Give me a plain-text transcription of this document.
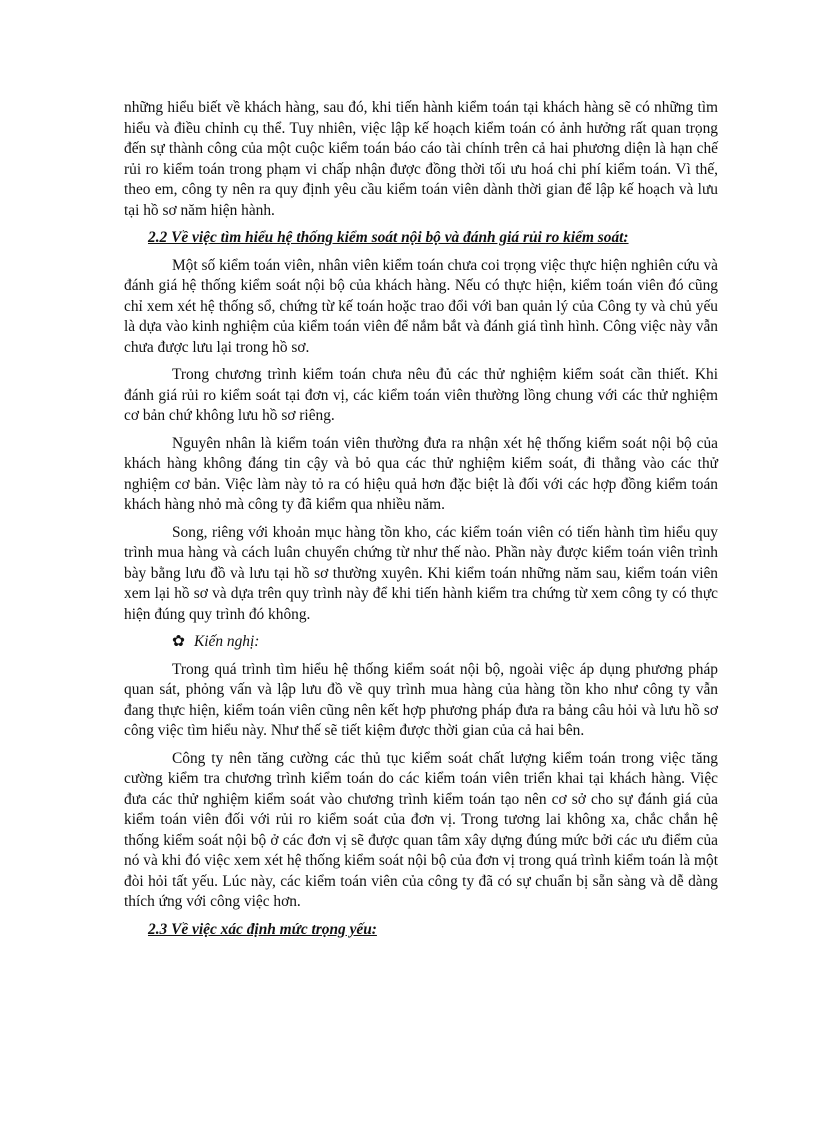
những hiểu biết về khách hàng, sau đó, khi tiến hành kiểm toán tại khách hàng sẽ có những tìm hiểu và điều chỉnh cụ thể. Tuy nhiên, việc lập kế hoạch kiểm toán có ảnh hưởng rất quan trọng đến sự thành công của một cuộc kiểm toán báo cáo tài chính trên cả hai phương diện là hạn chế rủi ro kiểm toán trong phạm vi chấp nhận được đồng thời tối ưu hoá chi phí kiểm toán. Vì thế, theo em, công ty nên ra quy định yêu cầu kiểm toán viên dành thời gian để lập kế hoạch và lưu tại hồ sơ năm hiện hành.

2.2 Về việc tìm hiểu hệ thống kiểm soát nội bộ và đánh giá rủi ro kiểm soát:

Một số kiểm toán viên, nhân viên kiểm toán chưa coi trọng việc thực hiện nghiên cứu và đánh giá hệ thống kiểm soát nội bộ của khách hàng. Nếu có thực hiện, kiểm toán viên đó cũng chỉ xem xét hệ thống sổ, chứng từ kế toán hoặc trao đổi với ban quản lý của Công ty và chủ yếu là dựa vào kinh nghiệm của kiểm toán viên để nắm bắt và đánh giá tình hình. Công việc này vẫn chưa được lưu lại trong hồ sơ.

Trong chương trình kiểm toán chưa nêu đủ các thử nghiệm kiểm soát cần thiết. Khi đánh giá rủi ro kiểm soát tại đơn vị, các kiểm toán viên thường lồng chung với các thử nghiệm cơ bản chứ không lưu hồ sơ riêng.

Nguyên nhân là kiểm toán viên thường đưa ra nhận xét hệ thống kiểm soát nội bộ của khách hàng không đáng tin cậy và bỏ qua các thử nghiệm kiểm soát, đi thẳng vào các thử nghiệm cơ bản. Việc làm này tỏ ra có hiệu quả hơn đặc biệt là đối với các hợp đồng kiểm toán khách hàng nhỏ mà công ty đã kiểm qua nhiều năm.

Song, riêng với khoản mục hàng tồn kho, các kiểm toán viên có tiến hành tìm hiểu quy trình mua hàng và cách luân chuyển chứng từ như thế nào. Phần này được kiểm toán viên trình bày bằng lưu đồ và lưu tại hồ sơ thường xuyên. Khi kiểm toán những năm sau, kiểm toán viên xem lại hồ sơ và dựa trên quy trình này để khi tiến hành kiểm tra chứng từ xem công ty có thực hiện đúng quy trình đó không.

✿ Kiến nghị:

Trong quá trình tìm hiểu hệ thống kiểm soát nội bộ, ngoài việc áp dụng phương pháp quan sát, phỏng vấn và lập lưu đồ về quy trình mua hàng của hàng tồn kho như công ty vẫn đang thực hiện, kiểm toán viên cũng nên kết hợp phương pháp đưa ra bảng câu hỏi và lưu hồ sơ công việc tìm hiểu này. Như thế sẽ tiết kiệm được thời gian của cả hai bên.

Công ty nên tăng cường các thủ tục kiểm soát chất lượng kiểm toán trong việc tăng cường kiểm tra chương trình kiểm toán do các kiểm toán viên triển khai tại khách hàng. Việc đưa các thử nghiệm kiểm soát vào chương trình kiểm toán tạo nên cơ sở cho sự đánh giá của kiểm toán viên đối với rủi ro kiểm soát của đơn vị. Trong tương lai không xa, chắc chắn hệ thống kiểm soát nội bộ ở các đơn vị sẽ được quan tâm xây dựng đúng mức bởi các ưu điểm của nó và khi đó việc xem xét hệ thống kiểm soát nội bộ của đơn vị trong quá trình kiểm toán là một đòi hỏi tất yếu. Lúc này, các kiểm toán viên của công ty đã có sự chuẩn bị sẵn sàng và dễ dàng thích ứng với công việc hơn.

2.3 Về việc xác định mức trọng yếu:
